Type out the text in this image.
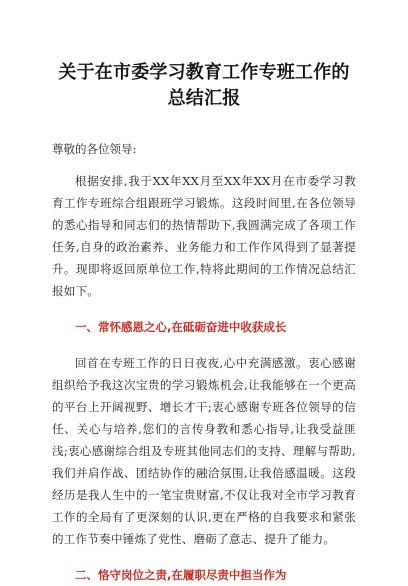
关于在市委学习教育工作专班工作的总结汇报
尊敬的各位领导:
根据安排,我于XX年XX月至XX年XX月在市委学习教育工作专班综合组跟班学习锻炼。这段时间里,在各位领导的悉心指导和同志们的热情帮助下,我圆满完成了各项工作任务,自身的政治素养、业务能力和工作作风得到了显著提升。现即将返回原单位工作,特将此期间的工作情况总结汇报如下。
一、常怀感恩之心,在砥砺奋进中收获成长
回首在专班工作的日日夜夜,心中充满感激。衷心感谢组织给予我这次宝贵的学习锻炼机会,让我能够在一个更高的平台上开阔视野、增长才干;衷心感谢专班各位领导的信任、关心与培养,您们的言传身教和悉心指导,让我受益匪浅;衷心感谢综合组及专班其他同志们的支持、理解与帮助,我们并肩作战、团结协作的融洽氛围,让我倍感温暖。这段经历是我人生中的一笔宝贵财富,不仅让我对全市学习教育工作的全局有了更深刻的认识,更在严格的自我要求和紧张的工作节奏中锤炼了党性、磨砺了意志、提升了能力。
二、恪守岗位之责,在履职尽责中担当作为
